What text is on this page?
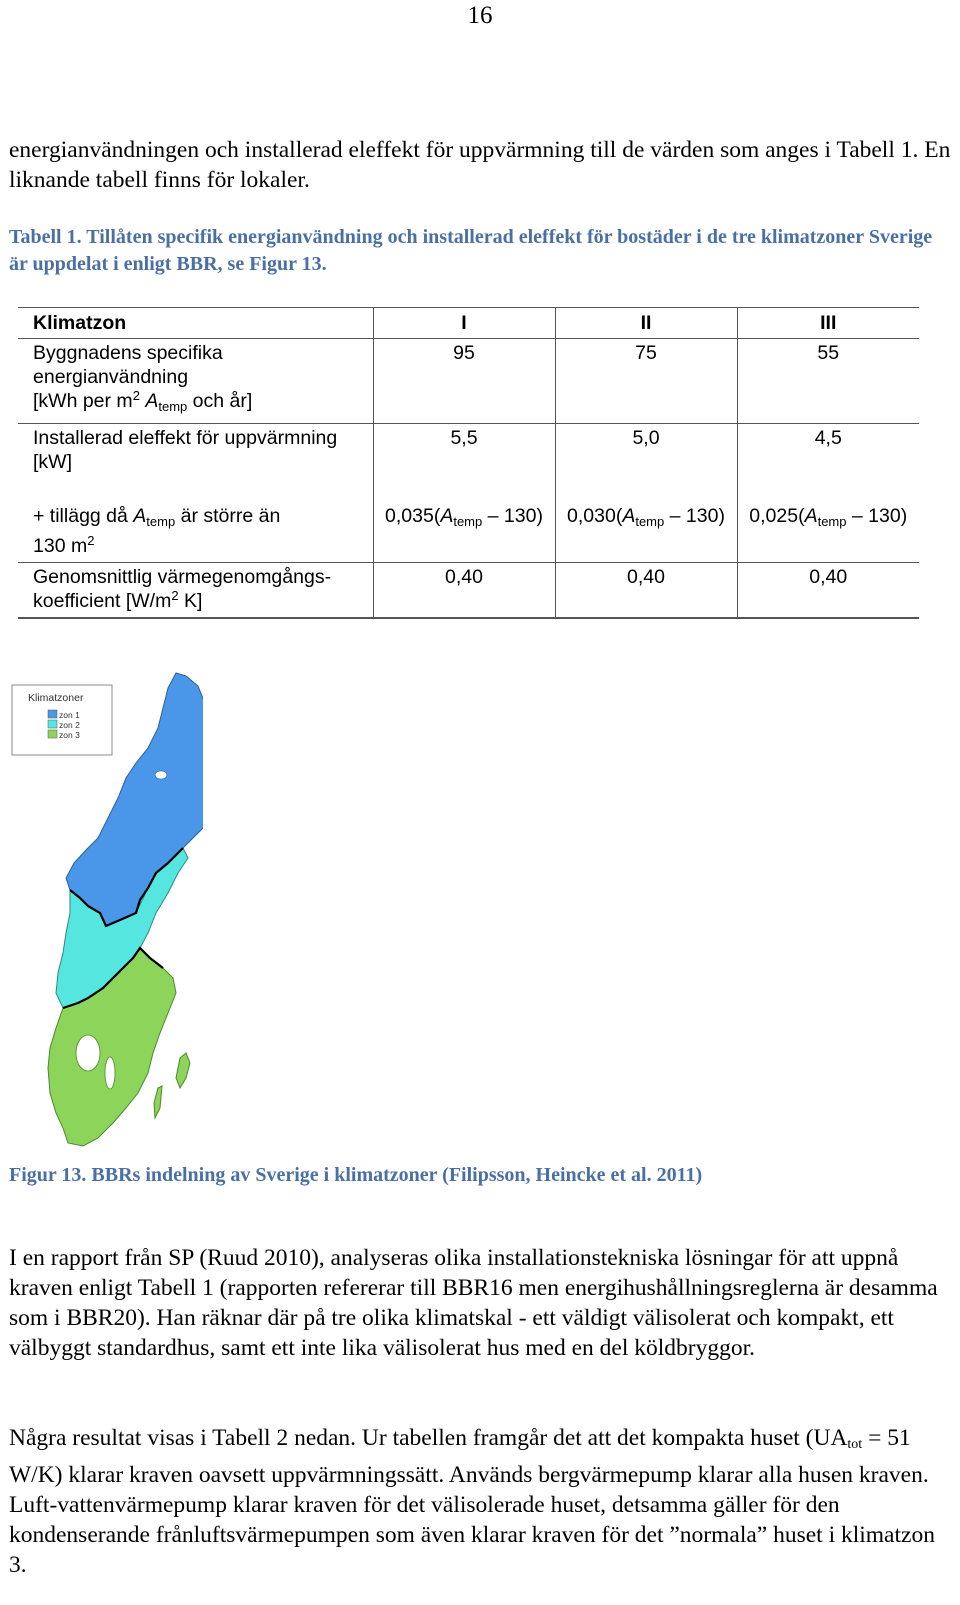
16
energianvändningen och installerad eleffekt för uppvärmning till de värden som anges i Tabell 1. En liknande tabell finns för lokaler.
Tabell 1. Tillåten specifik energianvändning och installerad eleffekt för bostäder i de tre klimatzoner Sverige är uppdelat i enligt BBR, se Figur 13.
Klimatzon	I	II	III
Byggnadens specifika
energianvändning
[kWh per $m^2$ $A_{temp}$ och år]	95	75	55
Installerad eleffekt för uppvärmning
[kW]	5,5	5,0	4,5
+ tillägg då $A_{temp}$ är större än
130 $m^2$	$0,035(A_{temp} - 130)$	$0,030(A_{temp} - 130)$	$0,025(A_{temp} - 130)$
Genomsnittlig värmegenomgångs-
koefficient [$W/m^2$ K]	0,40	0,40	0,40
Klimatzoner
zon 1
zon 2
zon 3
Figur 13. BBRs indelning av Sverige i klimatzoner (Filipsson, Heincke et al. 2011)
I en rapport från SP (Ruud 2010), analyseras olika installationstekniska lösningar för att uppnå kraven enligt Tabell 1 (rapporten refererar till BBR16 men energihushållningsreglerna är desamma som i BBR20). Han räknar där på tre olika klimatskal - ett väldigt välisolerat och kompakt, ett välbyggt standardhus, samt ett inte lika välisolerat hus med en del köldbryggor.
Några resultat visas i Tabell 2 nedan. Ur tabellen framgår det att det kompakta huset ($UA_{tot} = 51$ W/K) klarar kraven oavsett uppvärmningssätt. Används bergvärmepump klarar alla husen kraven. Luft-vattenvärmepump klarar kraven för det välisolerade huset, detsamma gäller för den kondenserande frånluftsvärmepumpen som även klarar kraven för det ”normala” huset i klimatzon 3.
